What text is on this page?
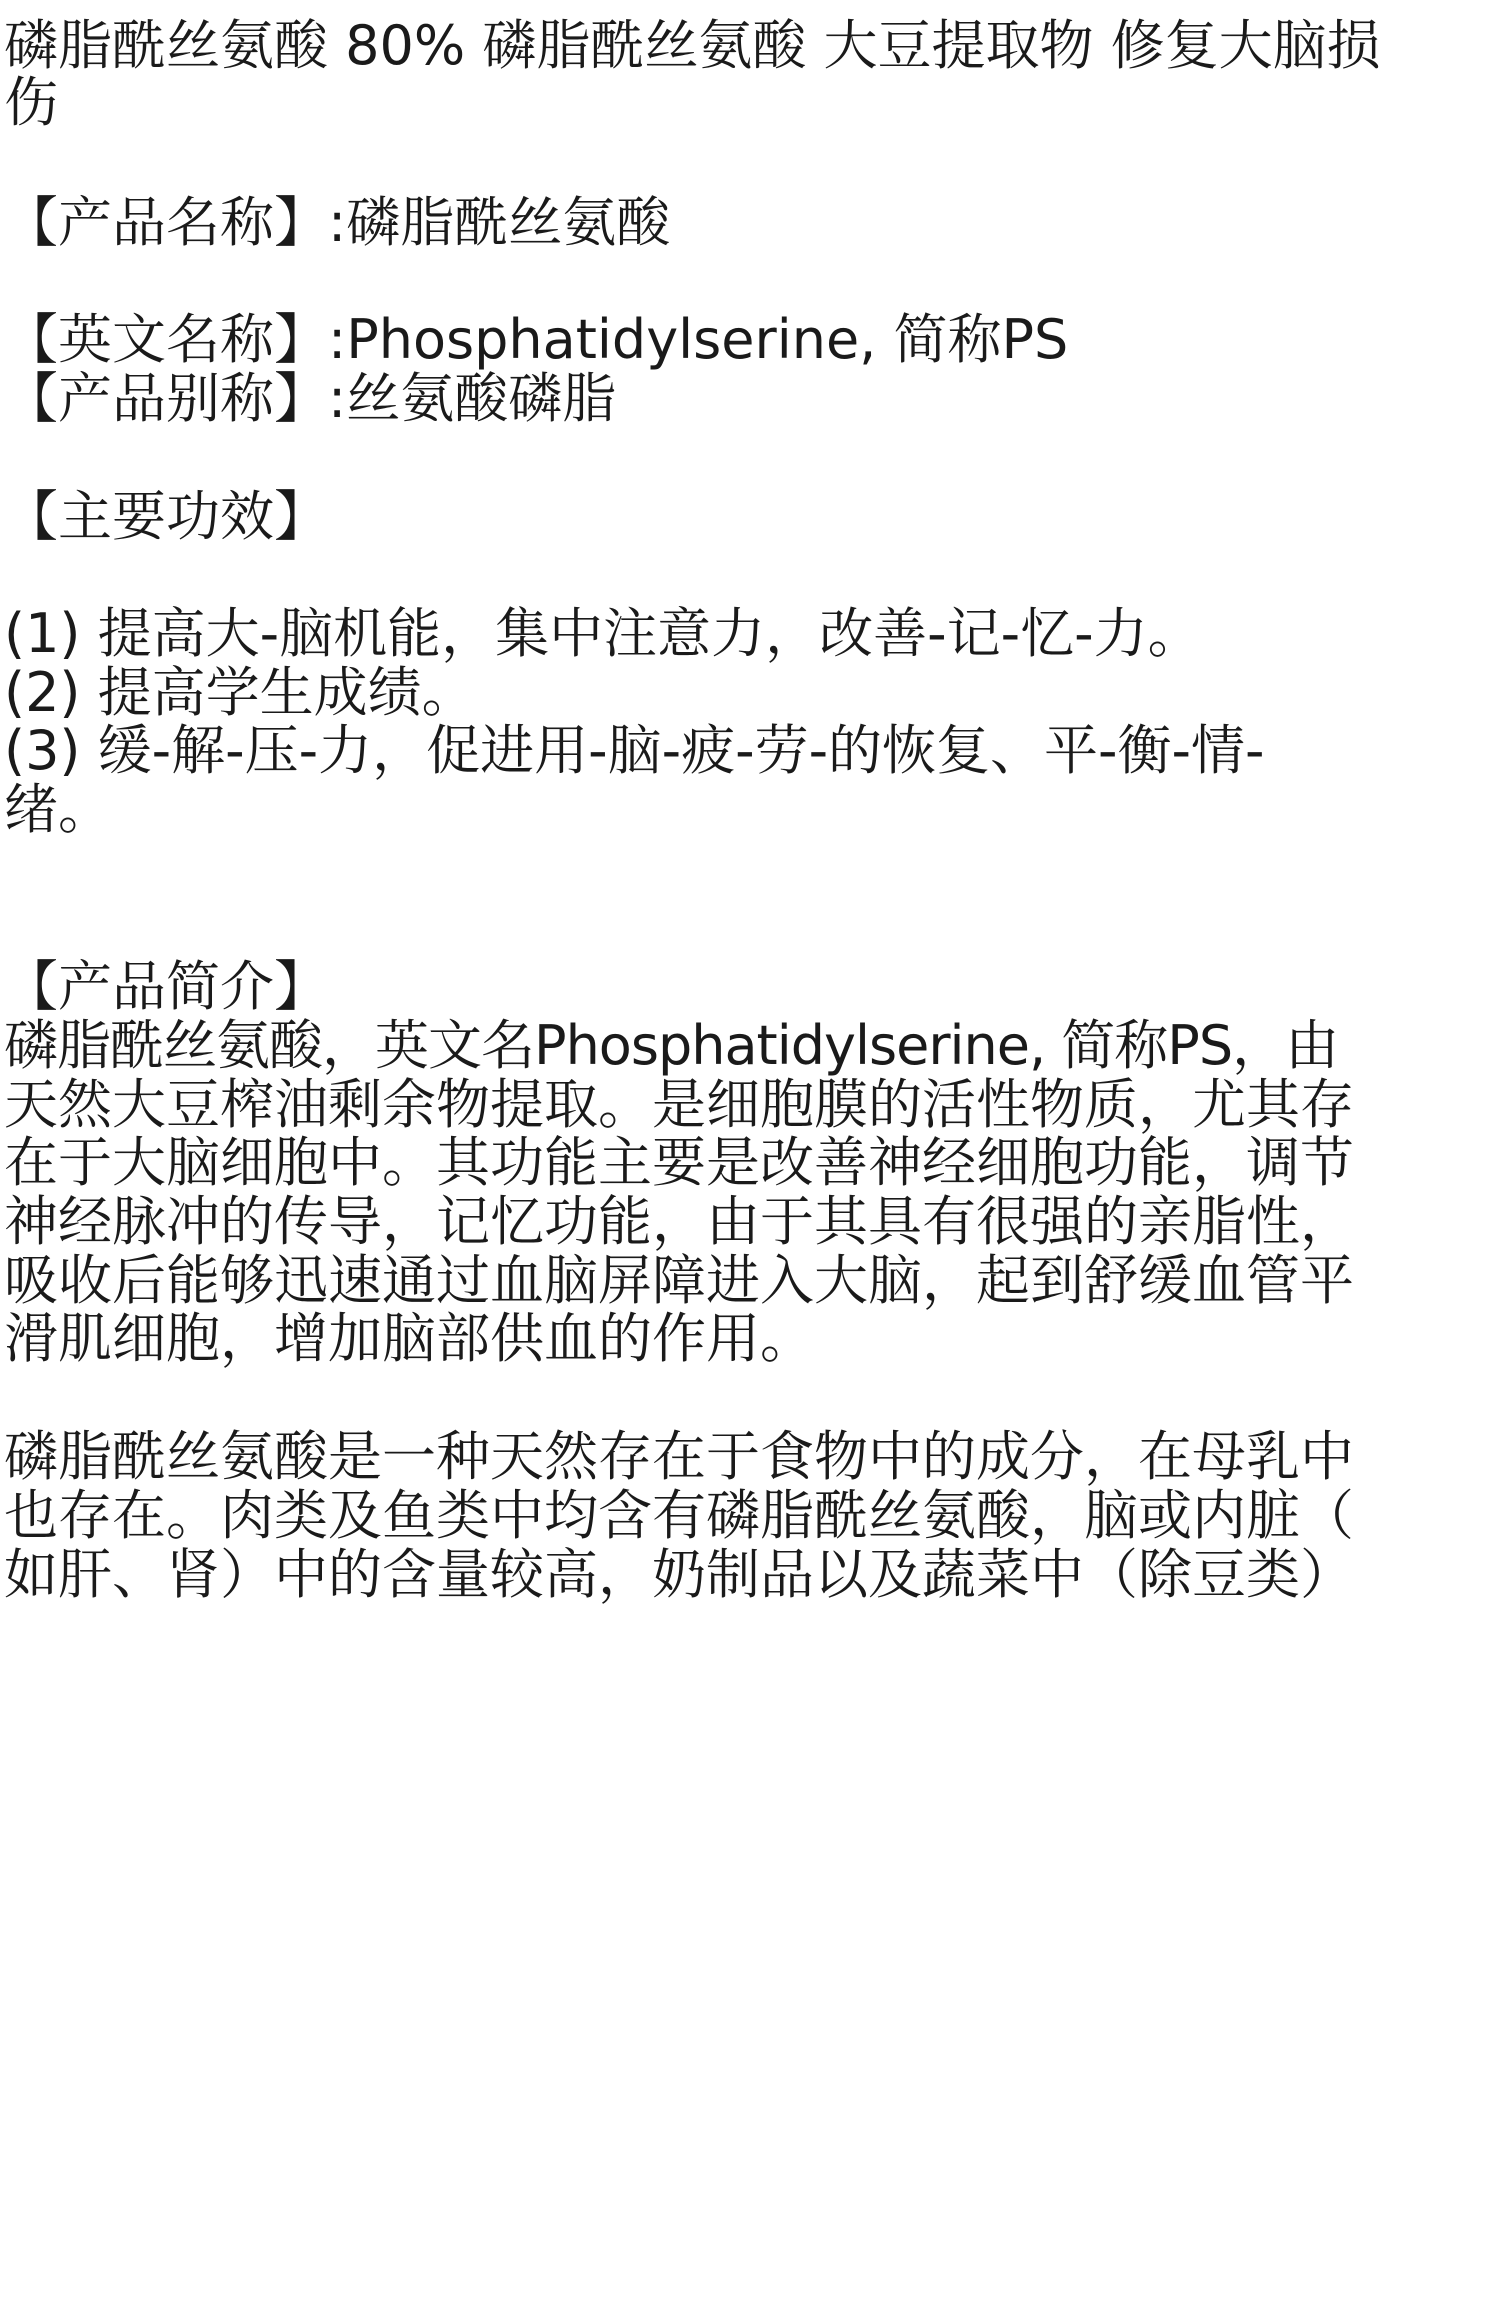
磷脂酰丝氨酸 80% 磷脂酰丝氨酸 大豆提取物 修复大脑损
伤
【产品名称】:磷脂酰丝氨酸
【英文名称】:Phosphatidylserine, 简称PS
【产品别称】:丝氨酸磷脂
【主要功效】
(1) 提高大-脑机能，集中注意力，改善-记-忆-力。
(2) 提高学生成绩。
(3) 缓-解-压-力，促进用-脑-疲-劳-的恢复、平-衡-情-
绪。
【产品简介】
磷脂酰丝氨酸，英文名Phosphatidylserine, 简称PS，由
天然大豆榨油剩余物提取。是细胞膜的活性物质，尤其存
在于大脑细胞中。其功能主要是改善神经细胞功能，调节
神经脉冲的传导，记忆功能，由于其具有很强的亲脂性，
吸收后能够迅速通过血脑屏障进入大脑，起到舒缓血管平
滑肌细胞，增加脑部供血的作用。
磷脂酰丝氨酸是一种天然存在于食物中的成分，在母乳中
也存在。肉类及鱼类中均含有磷脂酰丝氨酸，脑或内脏（
如肝、肾）中的含量较高，奶制品以及蔬菜中（除豆类）
